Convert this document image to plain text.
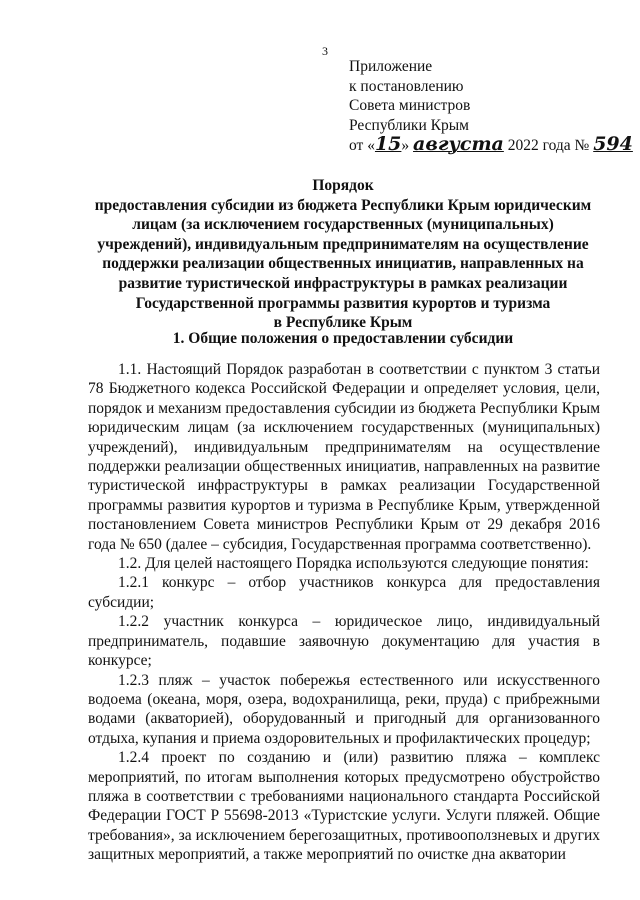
3
Приложение
к постановлению
Совета министров
Республики Крым
от «15» августа 2022 года № 594
Порядок
предоставления субсидии из бюджета Республики Крым юридическим
лицам (за исключением государственных (муниципальных)
учреждений), индивидуальным предпринимателям на осуществление
поддержки реализации общественных инициатив, направленных на
развитие туристической инфраструктуры в рамках реализации
Государственной программы развития курортов и туризма
в Республике Крым
1. Общие положения о предоставлении субсидии

1.1. Настоящий Порядок разработан в соответствии с пунктом 3 статьи 78 Бюджетного кодекса Российской Федерации и определяет условия, цели, порядок и механизм предоставления субсидии из бюджета Республики Крым юридическим лицам (за исключением государственных (муниципальных) учреждений), индивидуальным предпринимателям на осуществление поддержки реализации общественных инициатив, направленных на развитие туристической инфраструктуры в рамках реализации Государственной программы развития курортов и туризма в Республике Крым, утвержденной постановлением Совета министров Республики Крым от 29 декабря 2016 года № 650 (далее – субсидия, Государственная программа соответственно).

1.2. Для целей настоящего Порядка используются следующие понятия:

1.2.1 конкурс – отбор участников конкурса для предоставления субсидии;

1.2.2 участник конкурса – юридическое лицо, индивидуальный предприниматель, подавшие заявочную документацию для участия в конкурсе;

1.2.3 пляж – участок побережья естественного или искусственного водоема (океана, моря, озера, водохранилища, реки, пруда) с прибрежными водами (акваторией), оборудованный и пригодный для организованного отдыха, купания и приема оздоровительных и профилактических процедур;

1.2.4 проект по созданию и (или) развитию пляжа – комплекс мероприятий, по итогам выполнения которых предусмотрено обустройство пляжа в соответствии с требованиями национального стандарта Российской Федерации ГОСТ Р 55698-2013 «Туристские услуги. Услуги пляжей. Общие требования», за исключением берегозащитных, противооползневых и других защитных мероприятий, а также мероприятий по очистке дна акватории
